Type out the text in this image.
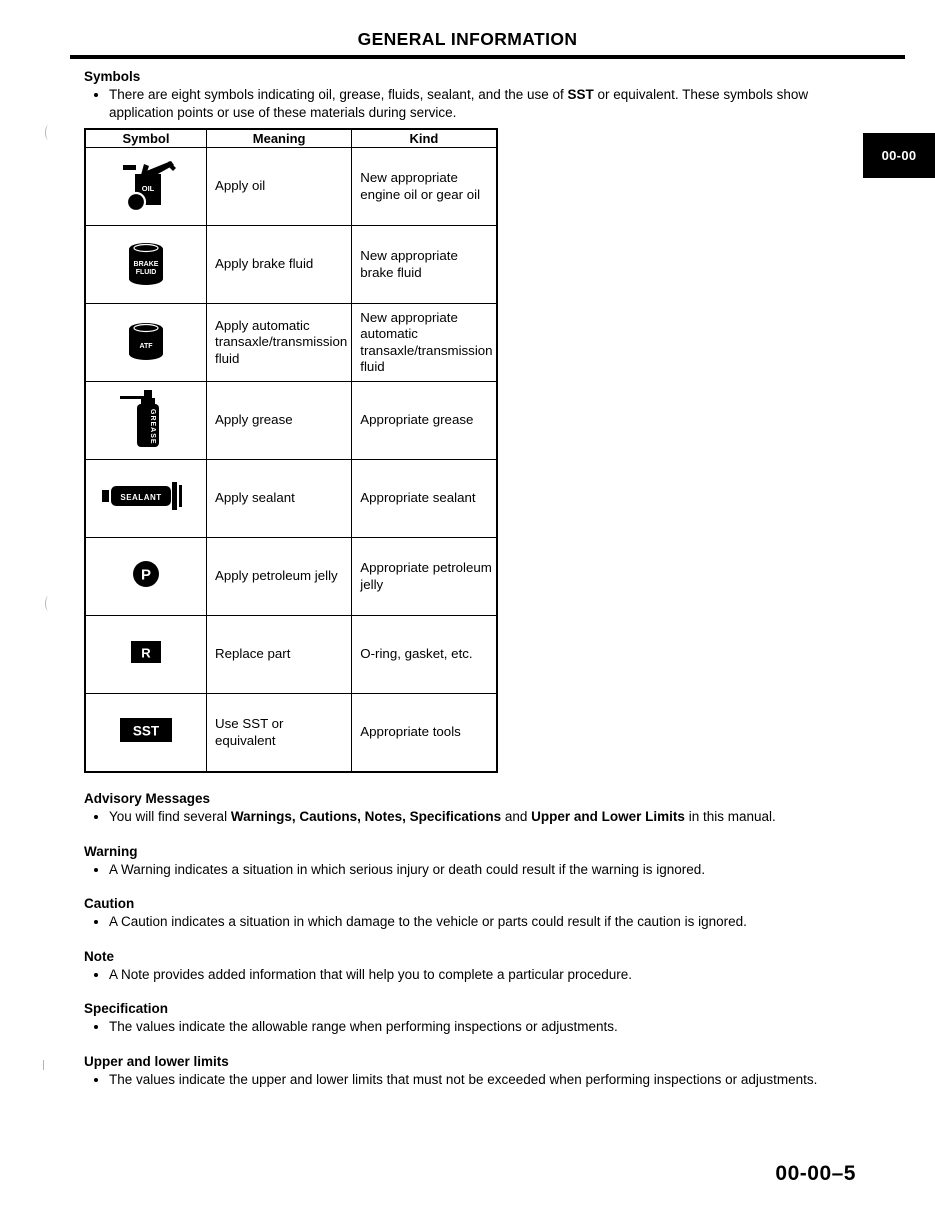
GENERAL INFORMATION
00-00
Symbols
• There are eight symbols indicating oil, grease, fluids, sealant, and the use of SST or equivalent. These symbols show application points or use of these materials during service.
Symbol	Meaning	Kind

OIL	Apply oil	New appropriate engine oil or gear oil

BRAKE
FLUID	Apply brake fluid	New appropriate brake fluid

ATF	Apply automatic transaxle/transmission fluid	New appropriate automatic transaxle/transmission fluid

GREASE	Apply grease	Appropriate grease

SEALANT	Apply sealant	Appropriate sealant

P	Apply petroleum jelly	Appropriate petroleum jelly

R	Replace part	O-ring, gasket, etc.

SST	Use SST or equivalent	Appropriate tools
Advisory Messages
• You will find several Warnings, Cautions, Notes, Specifications and Upper and Lower Limits in this manual.
Warning
• A Warning indicates a situation in which serious injury or death could result if the warning is ignored.
Caution
• A Caution indicates a situation in which damage to the vehicle or parts could result if the caution is ignored.
Note
• A Note provides added information that will help you to complete a particular procedure.
Specification
• The values indicate the allowable range when performing inspections or adjustments.
Upper and lower limits
• The values indicate the upper and lower limits that must not be exceeded when performing inspections or adjustments.
00-00–5
